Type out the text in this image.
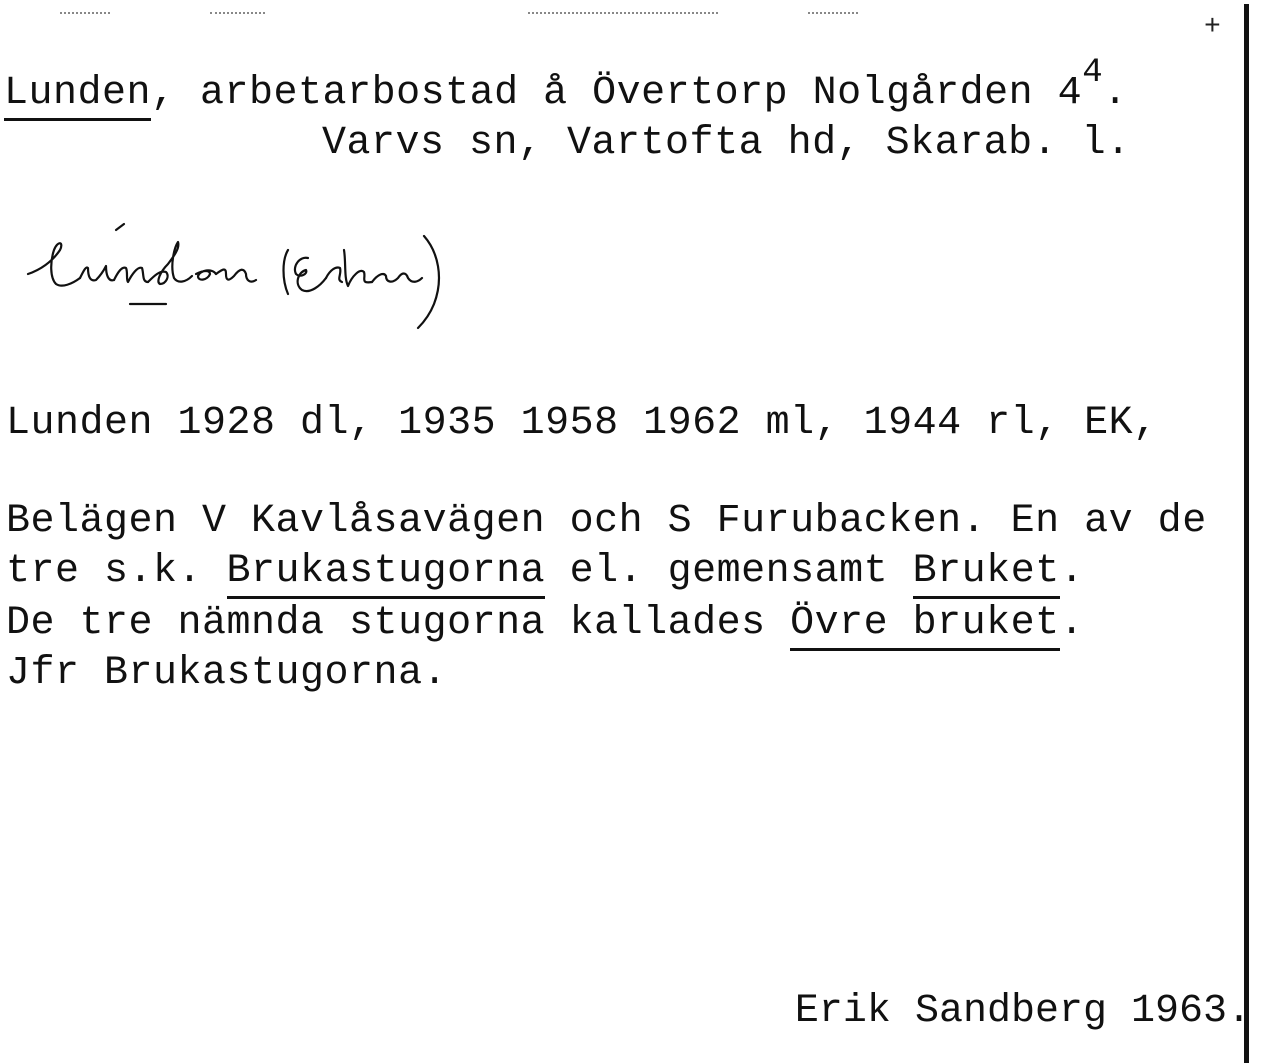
+
Lunden, arbetarbostad å Övertorp Nolgården $4^4$.
Varvs sn, Vartofta hd, Skarab. l.
Lunden 1928 dl, 1935 1958 1962 ml, 1944 rl, EK,
Belägen V Kavlåsavägen och S Furubacken. En av de
tre s.k. Brukastugorna el. gemensamt Bruket.
De tre nämnda stugorna kallades Övre bruket.
Jfr Brukastugorna.
Erik Sandberg 1963.
